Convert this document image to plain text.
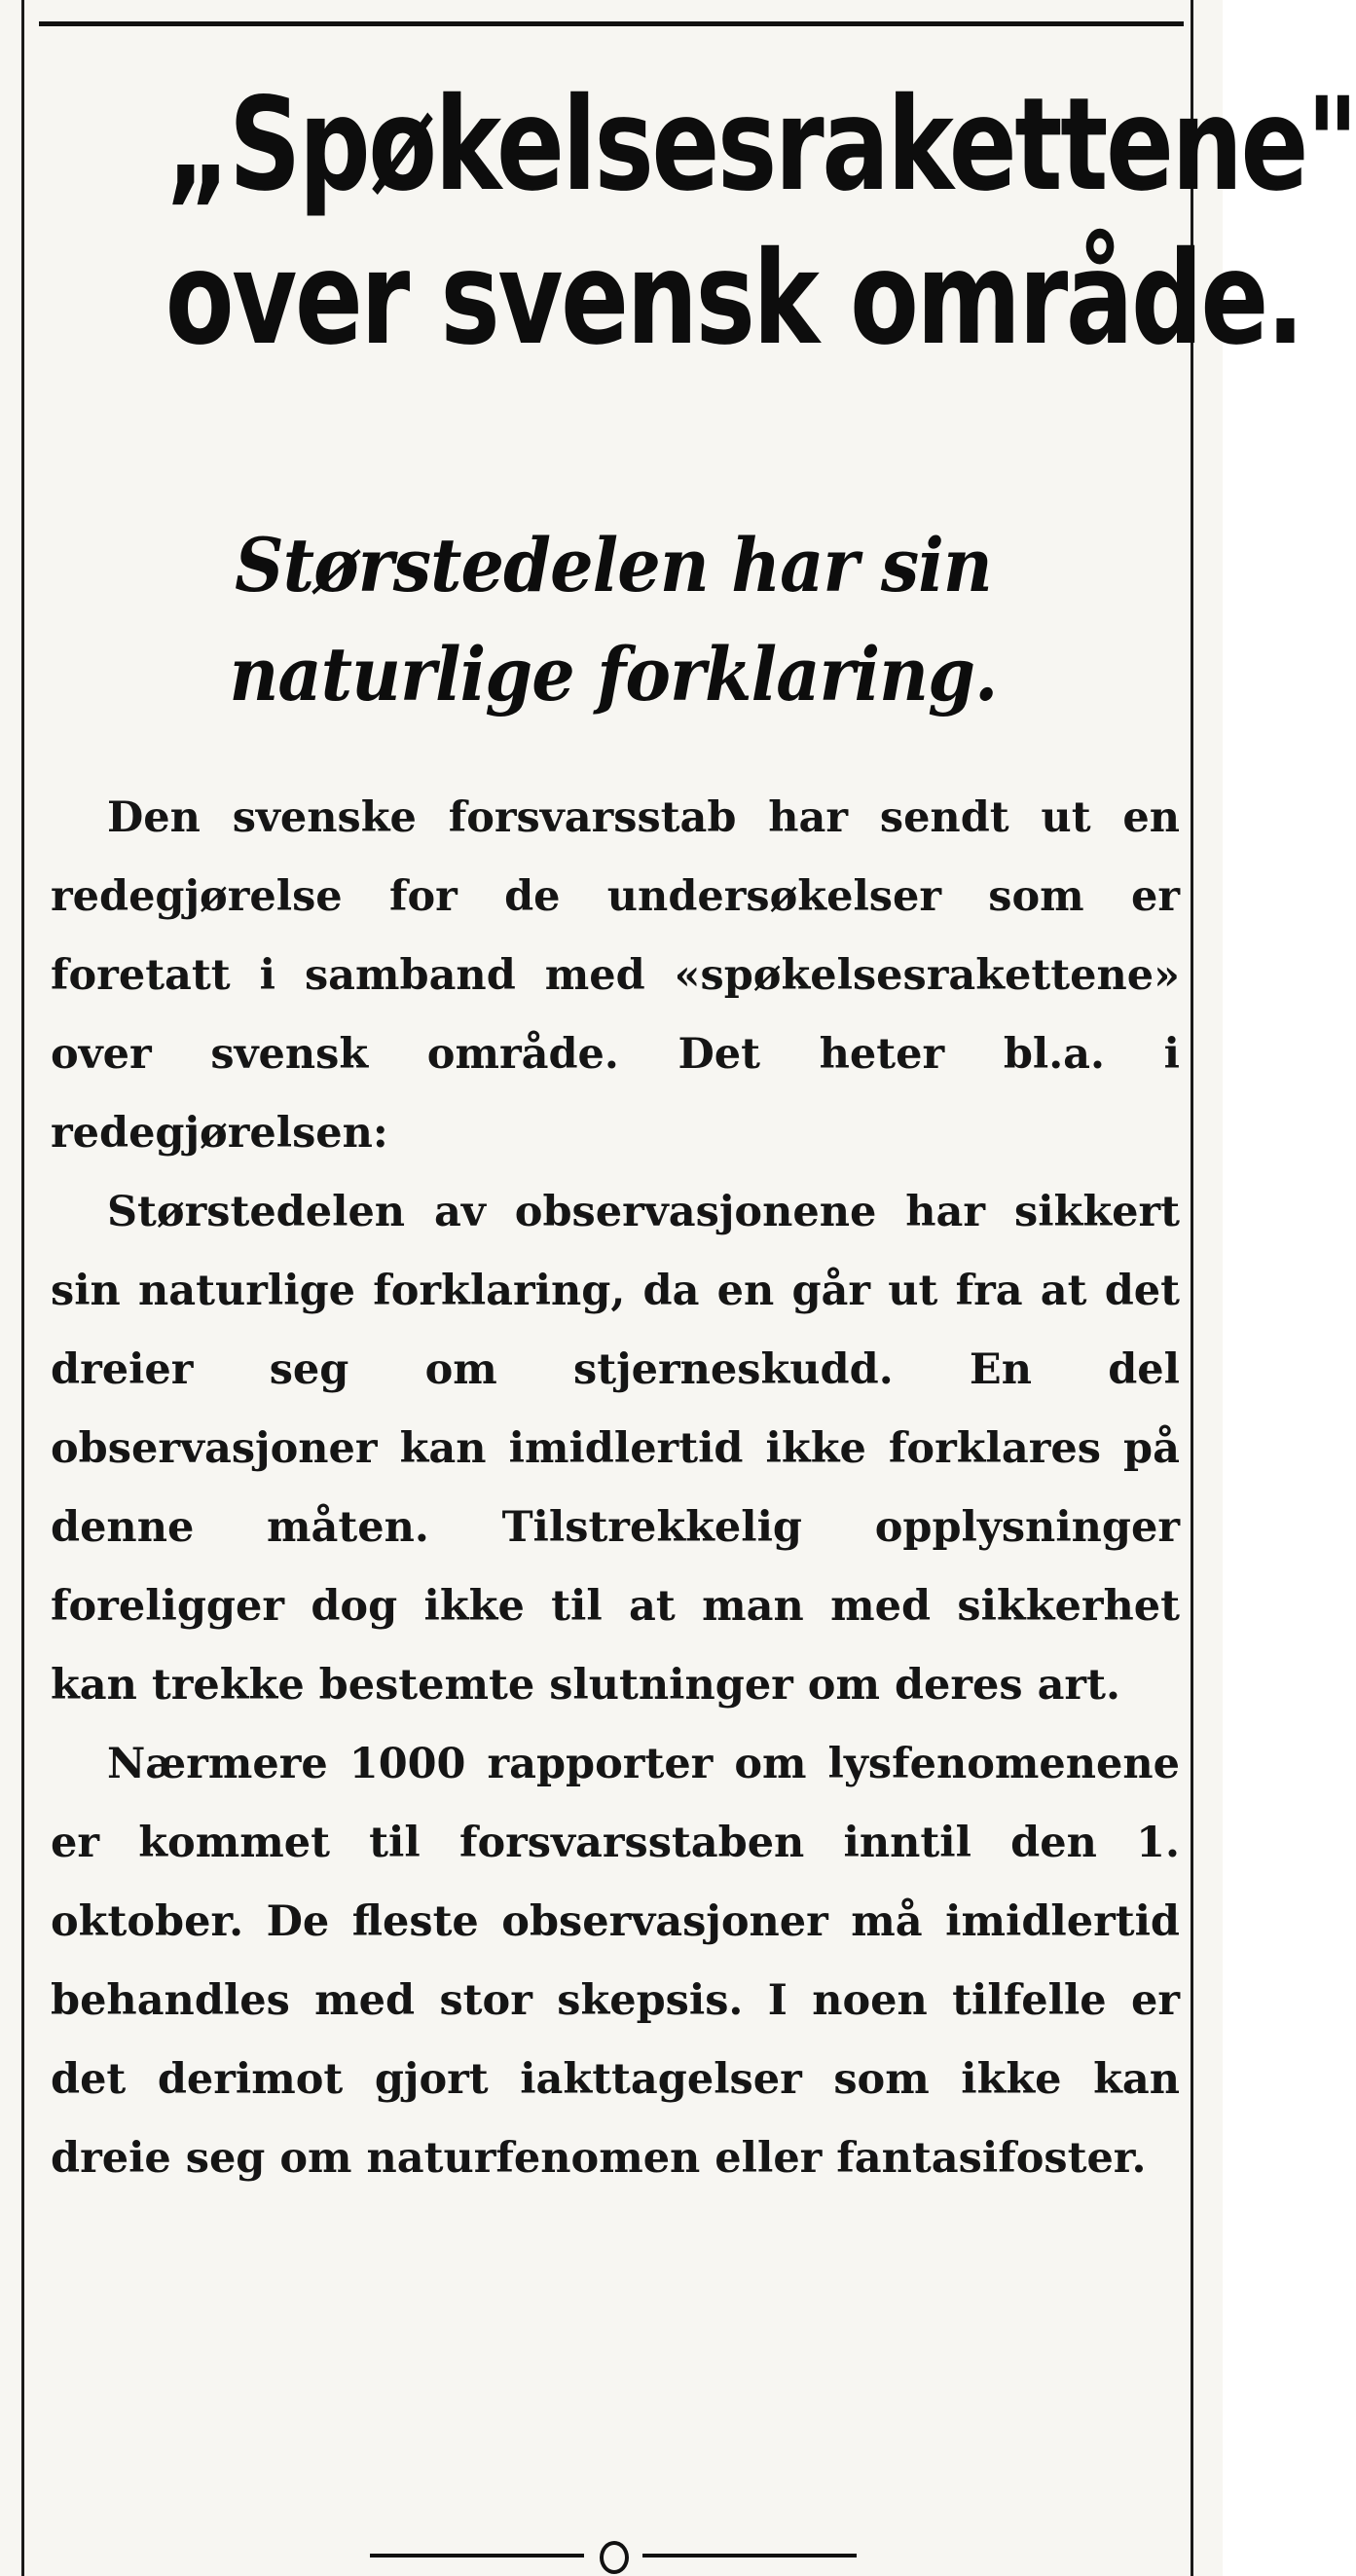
„Spøkelsesrakettene"
over svensk område.
Størstedelen har sin
naturlige forklaring.

Den svenske forsvarsstab har sendt ut en redegjørelse for de undersøkelser som er foretatt i samband med «spøkelsesrakettene» over svensk område. Det heter bl.a. i redegjørelsen:

Størstedelen av observasjonene har sikkert sin naturlige forklaring, da en går ut fra at det dreier seg om stjerneskudd. En del observasjoner kan imidlertid ikke forklares på denne måten. Tilstrekkelig opplysninger foreligger dog ikke til at man med sikkerhet kan trekke bestemte slutninger om deres art.

Nærmere 1000 rapporter om lysfenomenene er kommet til forsvarsstaben inntil den 1. oktober. De fleste observasjoner må imidlertid behandles med stor skepsis. I noen tilfelle er det derimot gjort iakttagelser som ikke kan dreie seg om naturfenomen eller fantasifoster.
